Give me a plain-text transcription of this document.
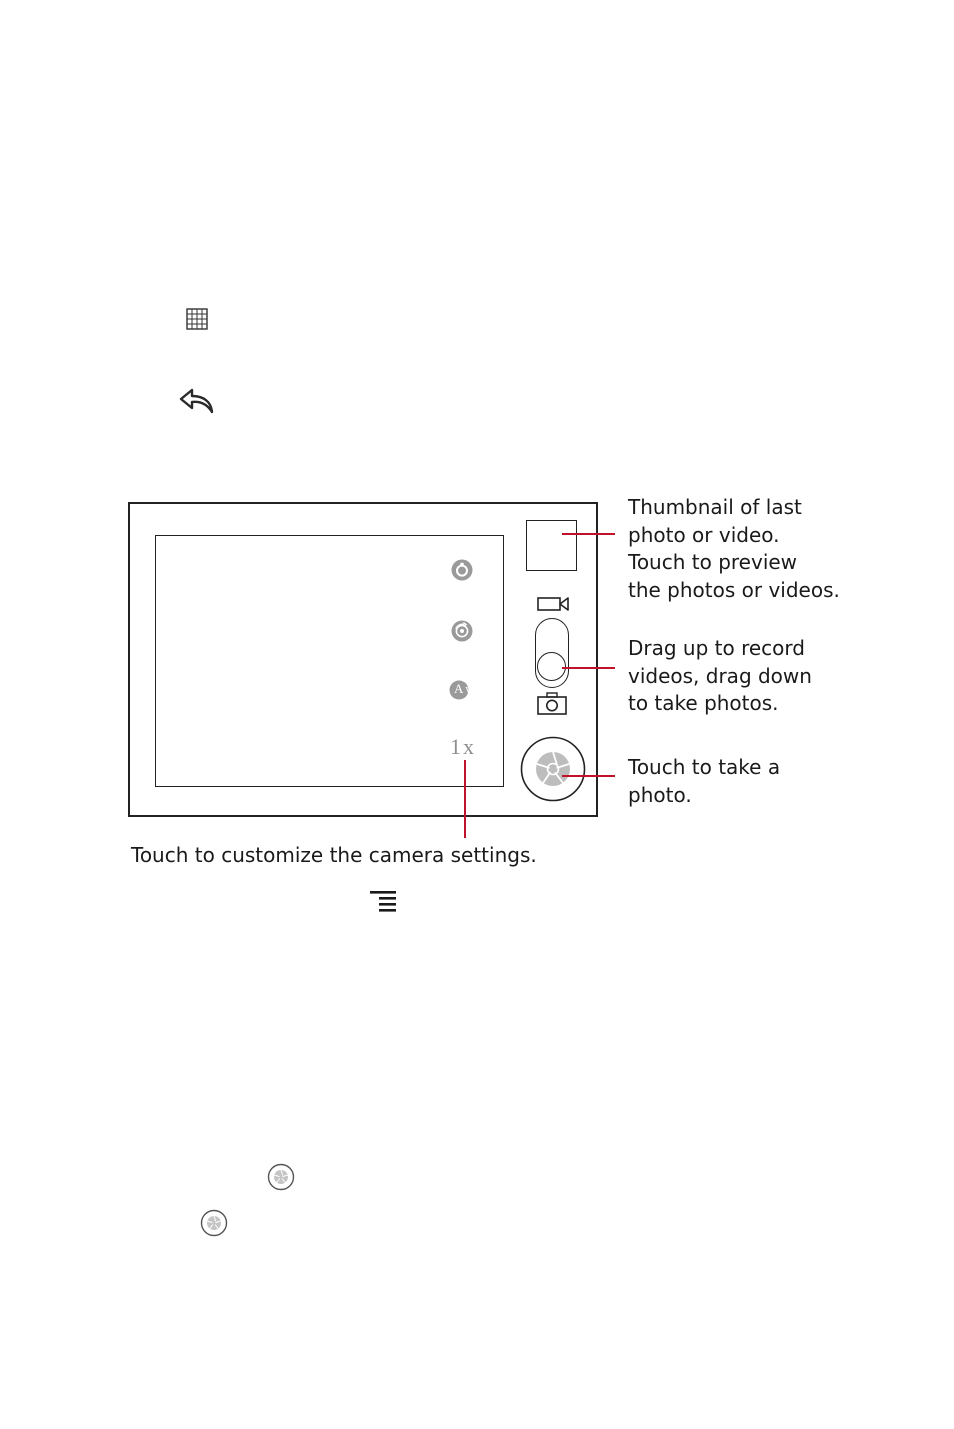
Aw
1x
Thumbnail of last
photo or video.
Touch to preview
the photos or videos.
Drag up to record
videos, drag down
to take photos.
Touch to take a
photo.
Touch to customize the camera settings.
